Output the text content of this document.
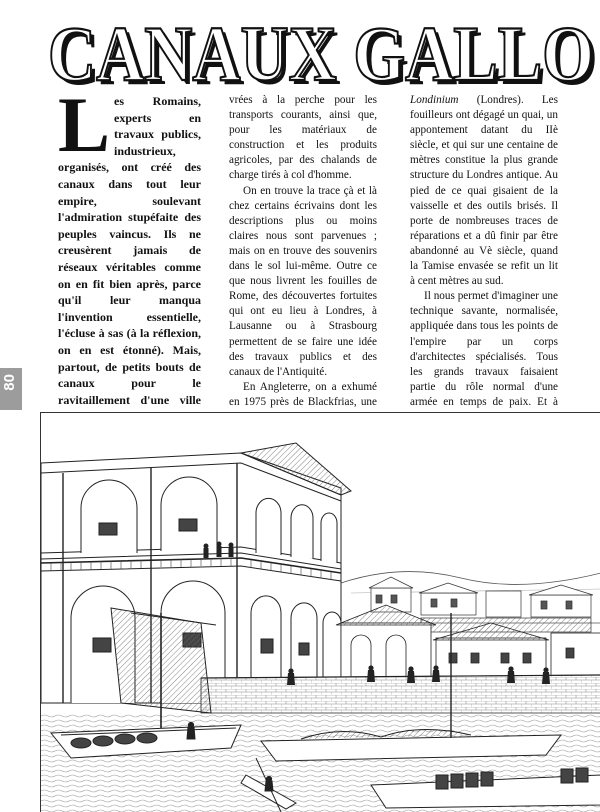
CANAUX GALLO
CANAUX GALLO

Les Romains, experts en travaux publics, industrieux, organisés, ont créé des canaux dans tout leur empire, soulevant l'admiration stupéfaite des peuples vaincus. Ils ne creusèrent jamais de réseaux véritables comme on en fit bien après, parce qu'il leur manqua l'invention essentielle, l'écluse à sas (à la réflexion, on en est étonné). Mais, partout, de petits bouts de canaux pour le ravitaillement d'une ville

vrées à la perche pour les transports courants, ainsi que, pour les matériaux de construction et les produits agricoles, par des chalands de charge tirés à col d'homme.

On en trouve la trace çà et là chez certains écrivains dont les descriptions plus ou moins claires nous sont parvenues ; mais on en trouve des souvenirs dans le sol lui-même. Outre ce que nous livrent les fouilles de Rome, des découvertes fortuites qui ont eu lieu à Londres, à Lausanne ou à Strasbourg permettent de se faire une idée des travaux publics et des canaux de l'Antiquité.

En Angleterre, on a exhumé en 1975 près de Blackfrias, une

Londinium (Londres). Les fouilleurs ont dégagé un quai, un appontement datant du IIè siècle, et qui sur une centaine de mètres constitue la plus grande structure du Londres antique. Au pied de ce quai gisaient de la vaisselle et des outils brisés. Il porte de nombreuses traces de réparations et a dû finir par être abandonné au Vè siècle, quand la Tamise envasée se refit un lit à cent mètres au sud.

Il nous permet d'imaginer une technique savante, normalisée, appliquée dans tous les points de l'empire par un corps d'architectes spécialisés. Tous les grands travaux faisaient partie du rôle normal d'une armée en temps de paix. Et à

80
